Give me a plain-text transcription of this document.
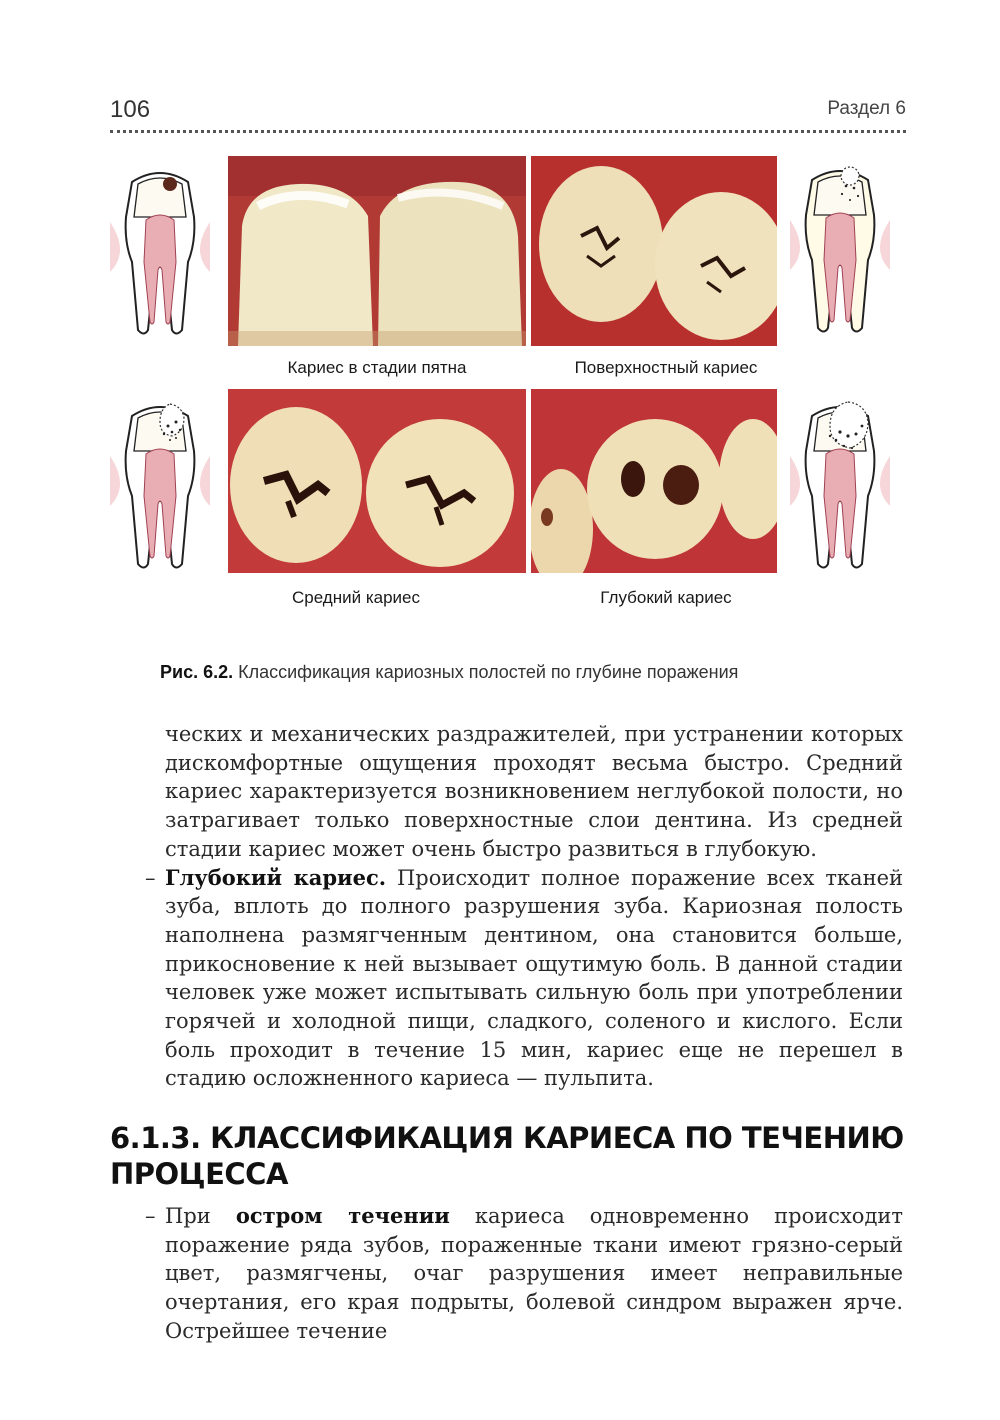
106	Раздел 6
Кариес в стадии пятна	Поверхностный кариес
Средний кариес	Глубокий кариес
Рис. 6.2. Классификация кариозных полостей по глубине поражения

ческих и механических раздражителей, при устранении которых дискомфортные ощущения проходят весьма быстро. Средний кариес характеризуется возникновением неглубокой полости, но затрагивает только поверхностные слои дентина. Из средней стадии кариес может очень быстро развиться в глубокую.

– Глубокий кариес. Происходит полное поражение всех тканей зуба, вплоть до полного разрушения зуба. Кариозная полость наполнена размягченным дентином, она становится больше, прикосновение к ней вызывает ощутимую боль. В данной стадии человек уже может испытывать сильную боль при употреблении горячей и холодной пищи, сладкого, соленого и кислого. Если боль проходит в течение 15 мин, кариес еще не перешел в стадию осложненного кариеса — пульпита.

6.1.3. КЛАССИФИКАЦИЯ КАРИЕСА ПО ТЕЧЕНИЮ ПРОЦЕССА

– При остром течении кариеса одновременно происходит поражение ряда зубов, пораженные ткани имеют грязно-серый цвет, размягчены, очаг разрушения имеет неправильные очертания, его края подрыты, болевой синдром выражен ярче. Острейшее течение
